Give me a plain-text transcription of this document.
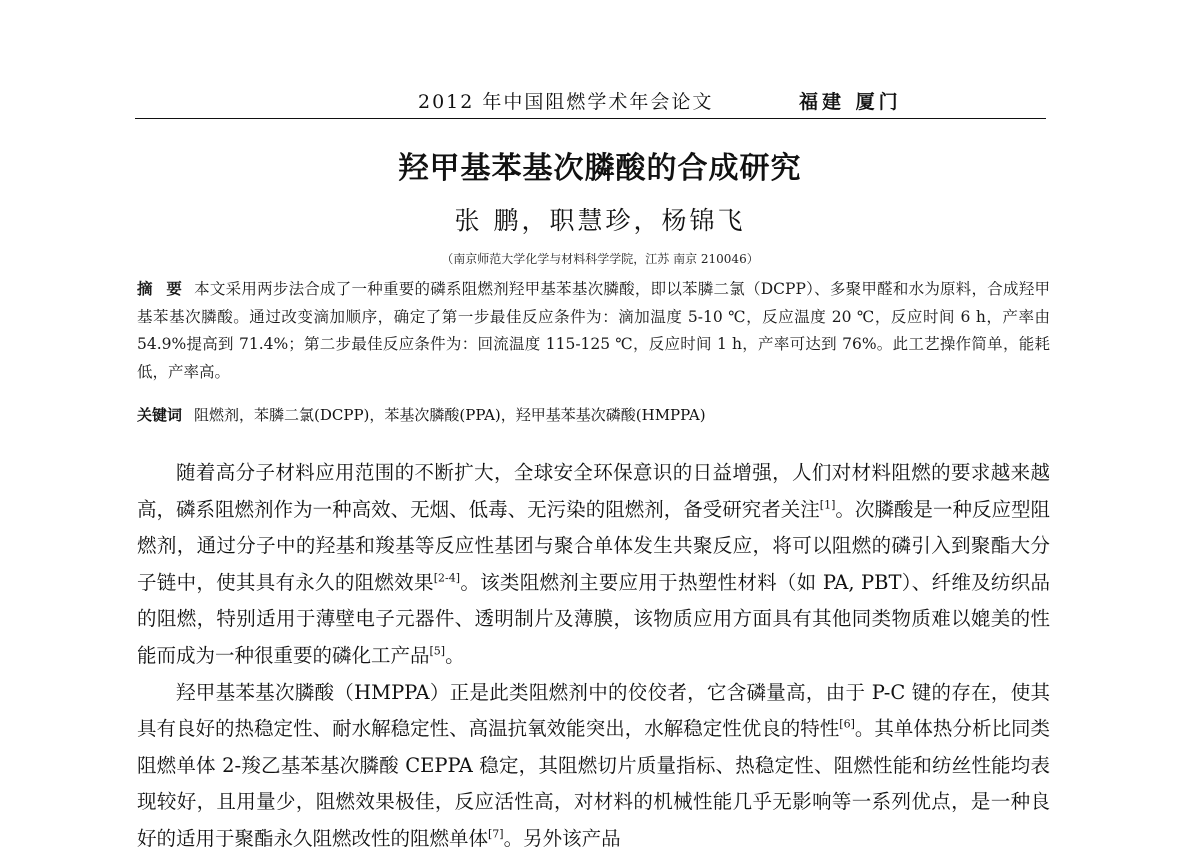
2012 年中国阻燃学术年会论文	福建 厦门
羟甲基苯基次膦酸的合成研究
张 鹏，职慧珍，杨锦飞
（南京师范大学化学与材料科学学院，江苏 南京 210046）
摘 要 本文采用两步法合成了一种重要的磷系阻燃剂羟甲基苯基次膦酸，即以苯膦二氯（DCPP）、多聚甲醛和水为原料，合成羟甲基苯基次膦酸。通过改变滴加顺序，确定了第一步最佳反应条件为：滴加温度 5-10 ℃，反应温度 20 ℃，反应时间 6 h，产率由 54.9%提高到 71.4%；第二步最佳反应条件为：回流温度 115-125 ℃，反应时间 1 h，产率可达到 76%。此工艺操作简单，能耗低，产率高。
关键词 阻燃剂，苯膦二氯(DCPP)，苯基次膦酸(PPA)，羟甲基苯基次磷酸(HMPPA)

随着高分子材料应用范围的不断扩大，全球安全环保意识的日益增强，人们对材料阻燃的要求越来越高，磷系阻燃剂作为一种高效、无烟、低毒、无污染的阻燃剂，备受研究者关注[1]。次膦酸是一种反应型阻燃剂，通过分子中的羟基和羧基等反应性基团与聚合单体发生共聚反应，将可以阻燃的磷引入到聚酯大分子链中，使其具有永久的阻燃效果[2-4]。该类阻燃剂主要应用于热塑性材料（如 PA, PBT）、纤维及纺织品的阻燃，特别适用于薄壁电子元器件、透明制片及薄膜，该物质应用方面具有其他同类物质难以媲美的性能而成为一种很重要的磷化工产品[5]。

羟甲基苯基次膦酸（HMPPA）正是此类阻燃剂中的佼佼者，它含磷量高，由于 P-C 键的存在，使其具有良好的热稳定性、耐水解稳定性、高温抗氧效能突出，水解稳定性优良的特性[6]。其单体热分析比同类阻燃单体 2-羧乙基苯基次膦酸 CEPPA 稳定，其阻燃切片质量指标、热稳定性、阻燃性能和纺丝性能均表现较好，且用量少，阻燃效果极佳，反应活性高，对材料的机械性能几乎无影响等一系列优点，是一种良好的适用于聚酯永久阻燃改性的阻燃单体[7]。另外该产品
